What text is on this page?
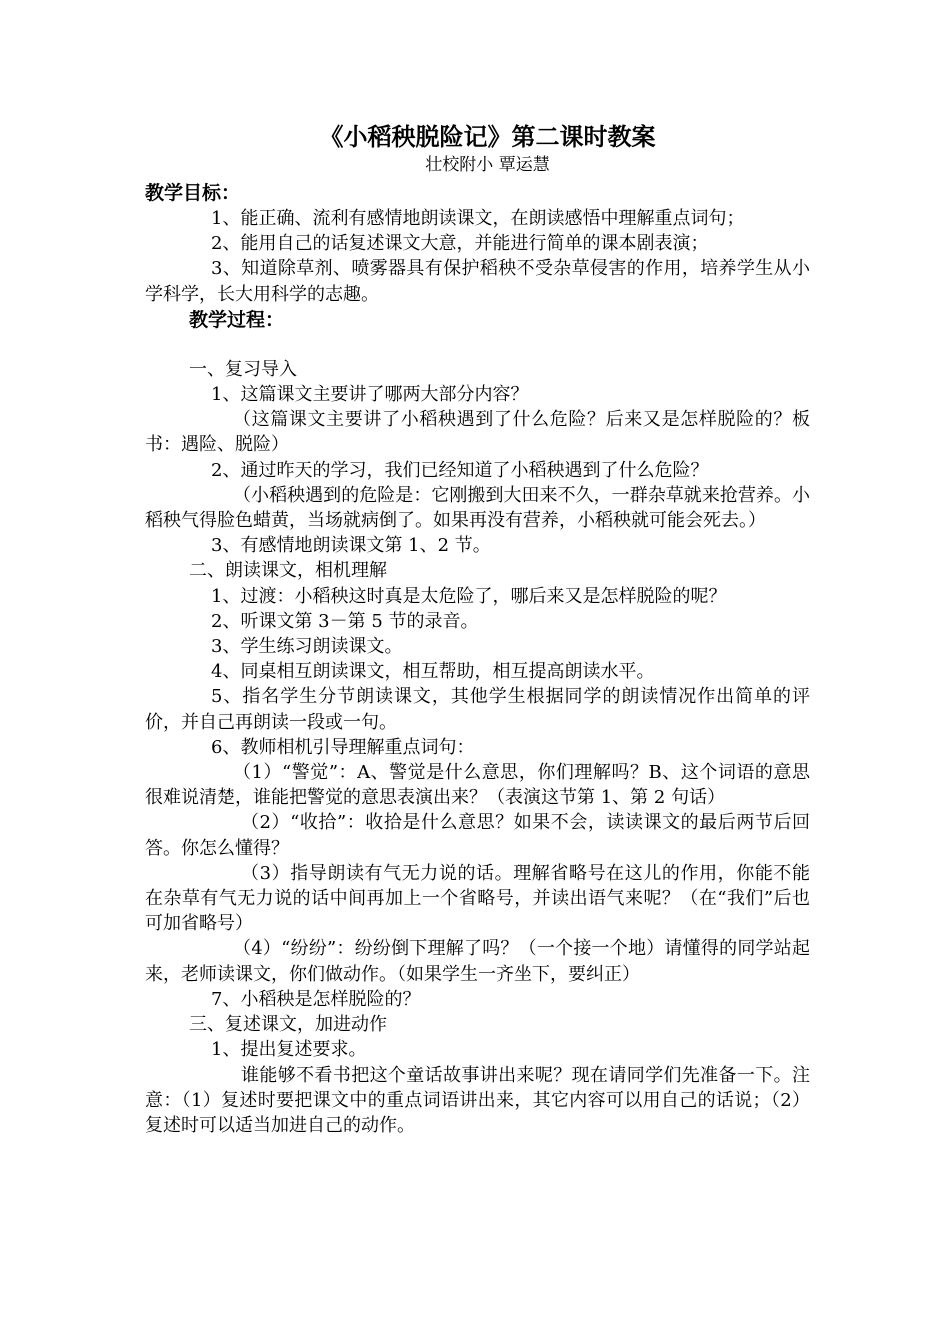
《小稻秧脱险记》第二课时教案

壮校附小 覃运慧

教学目标：

1、能正确、流利有感情地朗读课文，在朗读感悟中理解重点词句；

2、能用自己的话复述课文大意，并能进行简单的课本剧表演；

3、知道除草剂、喷雾器具有保护稻秧不受杂草侵害的作用，培养学生从小学科学，长大用科学的志趣。

教学过程：

一、复习导入

1、这篇课文主要讲了哪两大部分内容？

（这篇课文主要讲了小稻秧遇到了什么危险？后来又是怎样脱险的？板书：遇险、脱险）

2、通过昨天的学习，我们已经知道了小稻秧遇到了什么危险？

（小稻秧遇到的危险是：它刚搬到大田来不久，一群杂草就来抢营养。小稻秧气得脸色蜡黄，当场就病倒了。如果再没有营养，小稻秧就可能会死去。）

3、有感情地朗读课文第 1、2 节。

二、朗读课文，相机理解

1、过渡：小稻秧这时真是太危险了，哪后来又是怎样脱险的呢？

2、听课文第 3－第 5 节的录音。

3、学生练习朗读课文。

4、同桌相互朗读课文，相互帮助，相互提高朗读水平。

5、指名学生分节朗读课文，其他学生根据同学的朗读情况作出简单的评价，并自己再朗读一段或一句。

6、教师相机引导理解重点词句：

（1）“警觉”：A、警觉是什么意思，你们理解吗？B、这个词语的意思很难说清楚，谁能把警觉的意思表演出来？（表演这节第 1、第 2 句话）

（2）“收拾”：收拾是什么意思？如果不会，读读课文的最后两节后回答。你怎么懂得？

（3）指导朗读有气无力说的话。理解省略号在这儿的作用，你能不能在杂草有气无力说的话中间再加上一个省略号，并读出语气来呢？（在“我们”后也可加省略号）

（4）“纷纷”：纷纷倒下理解了吗？（一个接一个地）请懂得的同学站起来，老师读课文，你们做动作。（如果学生一齐坐下，要纠正）

7、小稻秧是怎样脱险的？

三、复述课文，加进动作

1、提出复述要求。

谁能够不看书把这个童话故事讲出来呢？现在请同学们先准备一下。注意：（1）复述时要把课文中的重点词语讲出来，其它内容可以用自己的话说；（2）复述时可以适当加进自己的动作。
